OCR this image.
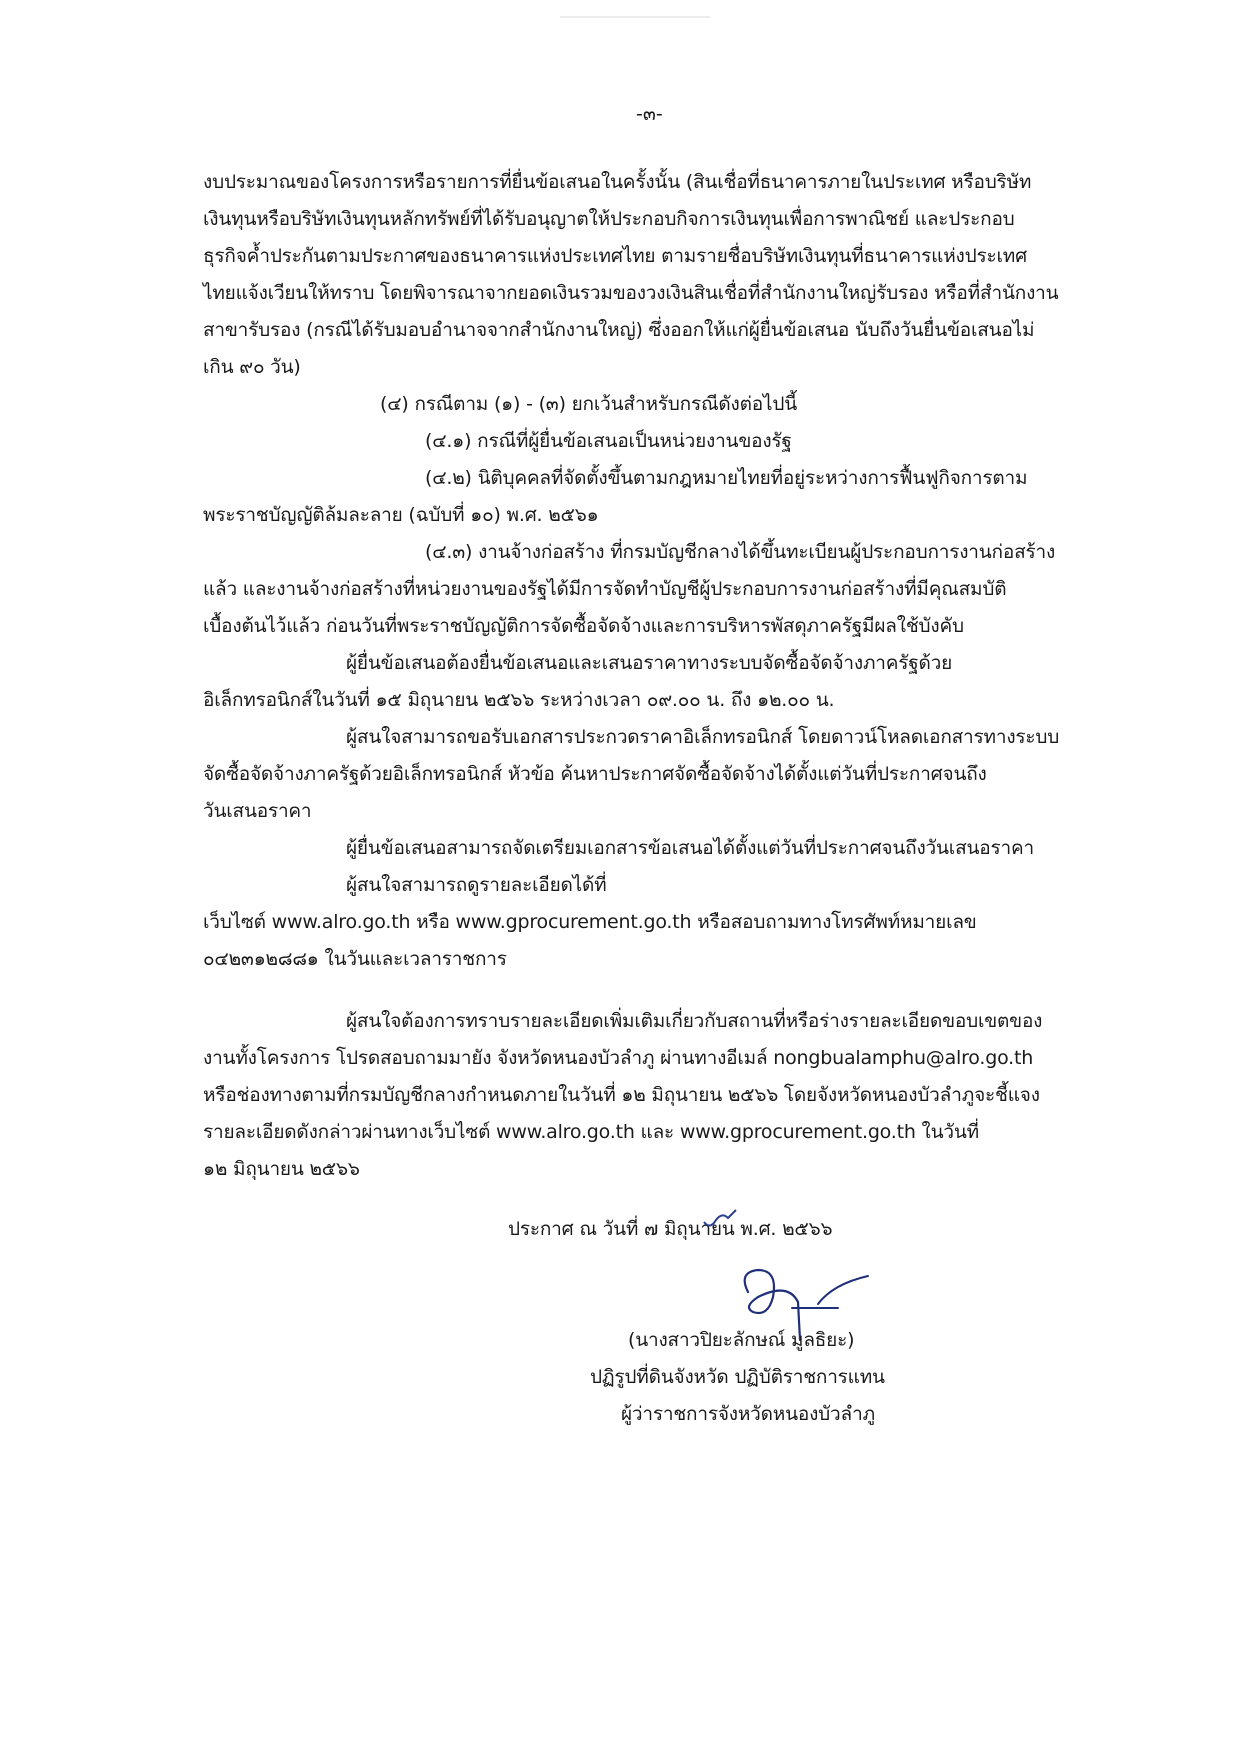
-๓-
งบประมาณของโครงการหรือรายการที่ยื่นข้อเสนอในครั้งนั้น (สินเชื่อที่ธนาคารภายในประเทศ หรือบริษัท
เงินทุนหรือบริษัทเงินทุนหลักทรัพย์ที่ได้รับอนุญาตให้ประกอบกิจการเงินทุนเพื่อการพาณิชย์ และประกอบ
ธุรกิจค้ำประกันตามประกาศของธนาคารแห่งประเทศไทย ตามรายชื่อบริษัทเงินทุนที่ธนาคารแห่งประเทศ
ไทยแจ้งเวียนให้ทราบ โดยพิจารณาจากยอดเงินรวมของวงเงินสินเชื่อที่สำนักงานใหญ่รับรอง หรือที่สำนักงาน
สาขารับรอง (กรณีได้รับมอบอำนาจจากสำนักงานใหญ่) ซึ่งออกให้แก่ผู้ยื่นข้อเสนอ นับถึงวันยื่นข้อเสนอไม่
เกิน ๙๐ วัน)
(๔) กรณีตาม (๑) - (๓) ยกเว้นสำหรับกรณีดังต่อไปนี้
(๔.๑) กรณีที่ผู้ยื่นข้อเสนอเป็นหน่วยงานของรัฐ
(๔.๒) นิติบุคคลที่จัดตั้งขึ้นตามกฎหมายไทยที่อยู่ระหว่างการฟื้นฟูกิจการตาม
พระราชบัญญัติล้มละลาย (ฉบับที่ ๑๐) พ.ศ. ๒๕๖๑
(๔.๓) งานจ้างก่อสร้าง ที่กรมบัญชีกลางได้ขึ้นทะเบียนผู้ประกอบการงานก่อสร้าง
แล้ว และงานจ้างก่อสร้างที่หน่วยงานของรัฐได้มีการจัดทำบัญชีผู้ประกอบการงานก่อสร้างที่มีคุณสมบัติ
เบื้องต้นไว้แล้ว ก่อนวันที่พระราชบัญญัติการจัดซื้อจัดจ้างและการบริหารพัสดุภาครัฐมีผลใช้บังคับ
ผู้ยื่นข้อเสนอต้องยื่นข้อเสนอและเสนอราคาทางระบบจัดซื้อจัดจ้างภาครัฐด้วย
อิเล็กทรอนิกส์ในวันที่ ๑๕ มิถุนายน ๒๕๖๖ ระหว่างเวลา ๐๙.๐๐ น. ถึง ๑๒.๐๐ น.
ผู้สนใจสามารถขอรับเอกสารประกวดราคาอิเล็กทรอนิกส์ โดยดาวน์โหลดเอกสารทางระบบ
จัดซื้อจัดจ้างภาครัฐด้วยอิเล็กทรอนิกส์ หัวข้อ ค้นหาประกาศจัดซื้อจัดจ้างได้ตั้งแต่วันที่ประกาศจนถึง
วันเสนอราคา
ผู้ยื่นข้อเสนอสามารถจัดเตรียมเอกสารข้อเสนอได้ตั้งแต่วันที่ประกาศจนถึงวันเสนอราคา
ผู้สนใจสามารถดูรายละเอียดได้ที่
เว็บไซต์ www.alro.go.th หรือ www.gprocurement.go.th หรือสอบถามทางโทรศัพท์หมายเลข
๐๔๒๓๑๒๘๘๑ ในวันและเวลาราชการ
ผู้สนใจต้องการทราบรายละเอียดเพิ่มเติมเกี่ยวกับสถานที่หรือร่างรายละเอียดขอบเขตของ
งานทั้งโครงการ โปรดสอบถามมายัง จังหวัดหนองบัวลำภู ผ่านทางอีเมล์ nongbualamphu@alro.go.th
หรือช่องทางตามที่กรมบัญชีกลางกำหนดภายในวันที่ ๑๒ มิถุนายน ๒๕๖๖ โดยจังหวัดหนองบัวลำภูจะชี้แจง
รายละเอียดดังกล่าวผ่านทางเว็บไซต์ www.alro.go.th และ www.gprocurement.go.th ในวันที่
๑๒ มิถุนายน ๒๕๖๖
ประกาศ ณ วันที่ ๗ มิถุนายน พ.ศ. ๒๕๖๖
(นางสาวปิยะลักษณ์ มูลธิยะ)
ปฏิรูปที่ดินจังหวัด ปฏิบัติราชการแทน
ผู้ว่าราชการจังหวัดหนองบัวลำภู
